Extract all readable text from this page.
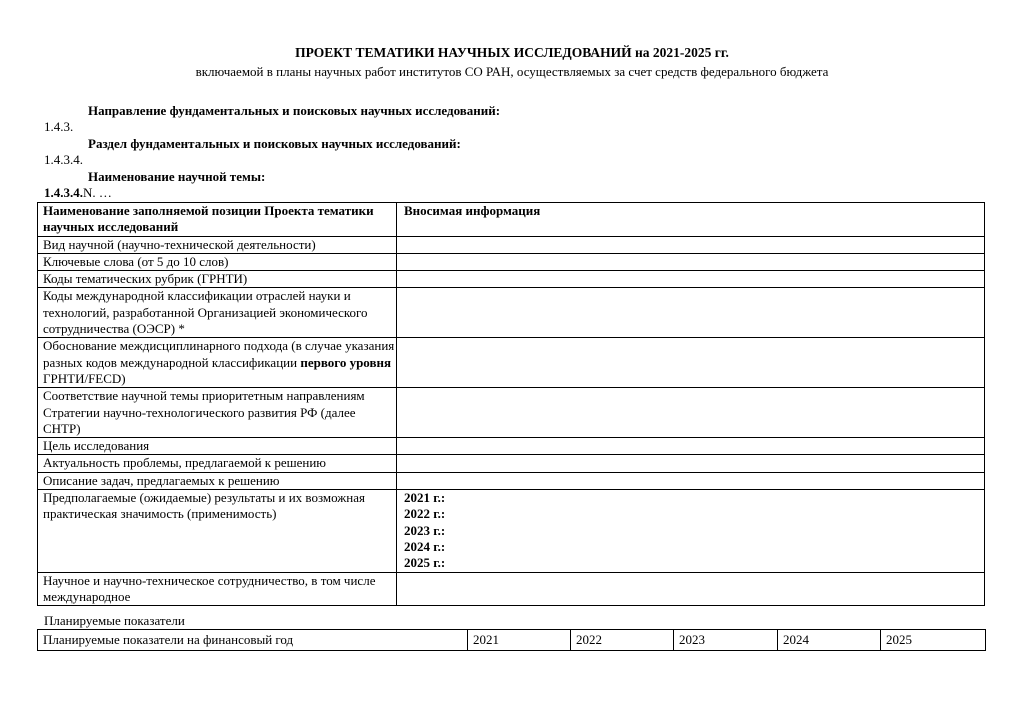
ПРОЕКТ ТЕМАТИКИ НАУЧНЫХ ИССЛЕДОВАНИЙ на 2021-2025 гг.
включаемой в планы научных работ институтов СО РАН, осуществляемых за счет средств федерального бюджета
Направление фундаментальных и поисковых научных исследований:
1.4.3.
Раздел фундаментальных и поисковых научных исследований:
1.4.3.4.
Наименование научной темы:
1.4.3.4.N. …
Наименование заполняемой позиции Проекта тематики научных исследований	Вносимая информация
Вид научной (научно-технической деятельности)	
Ключевые слова (от 5 до 10 слов)	
Коды тематических рубрик (ГРНТИ)	
Коды международной классификации отраслей науки и технологий, разработанной Организацией экономического сотрудничества (ОЭСР) *	
Обоснование междисциплинарного подхода (в случае указания разных кодов международной классификации первого уровня ГРНТИ/FECD)	
Соответствие научной темы приоритетным направлениям Стратегии научно-технологического развития РФ (далее СНТР)	
Цель исследования	
Актуальность проблемы, предлагаемой к решению	
Описание задач, предлагаемых к решению	
Предполагаемые (ожидаемые) результаты и их возможная практическая значимость (применимость)	2021 г.:
2022 г.:
2023 г.:
2024 г.:
2025 г.:

Научное и научно-техническое сотрудничество, в том числе международное	
Планируемые показатели
Планируемые показатели на финансовый год	2021	2022	2023	2024	2025
